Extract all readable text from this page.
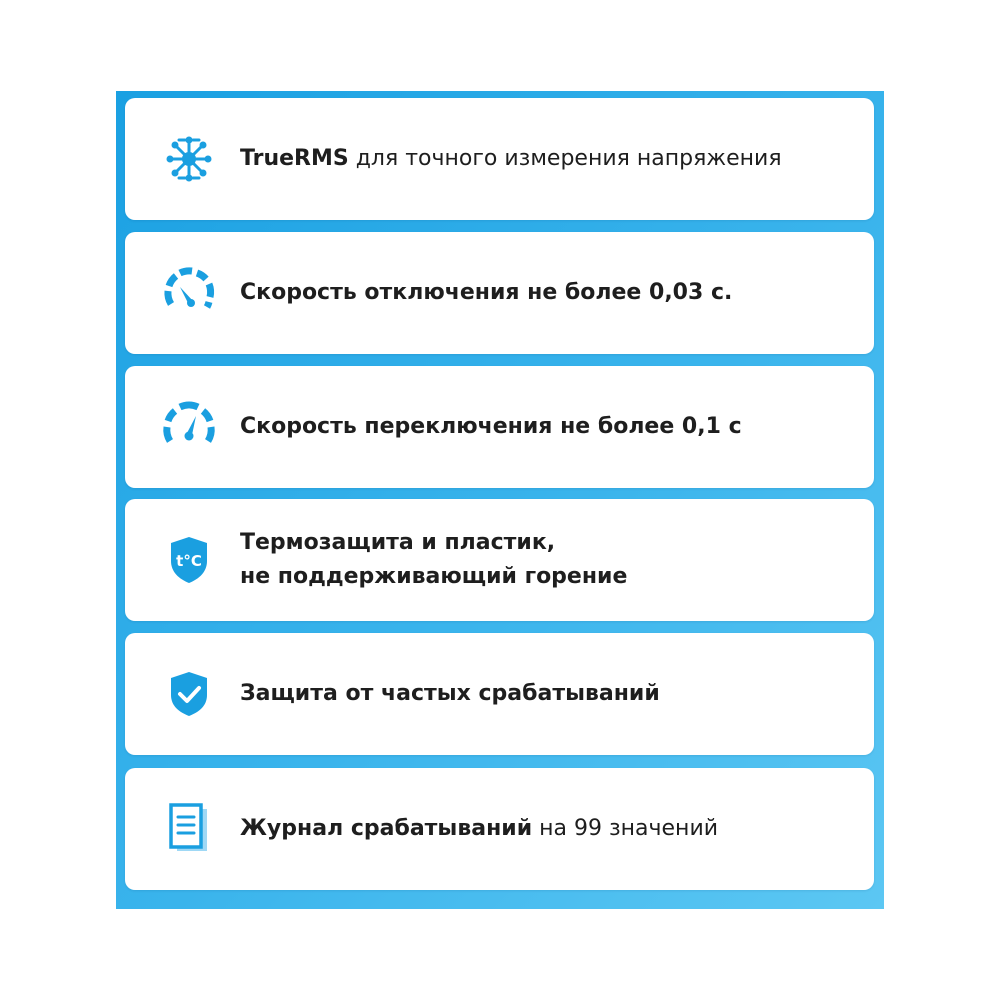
TrueRMS для точного измерения напряжения
Скорость отключения не более 0,03 с.
Скорость переключения не более 0,1 с
t°C
Термозащита и пластик,
не поддерживающий горение
Защита от частых срабатываний
Журнал срабатываний на 99 значений
